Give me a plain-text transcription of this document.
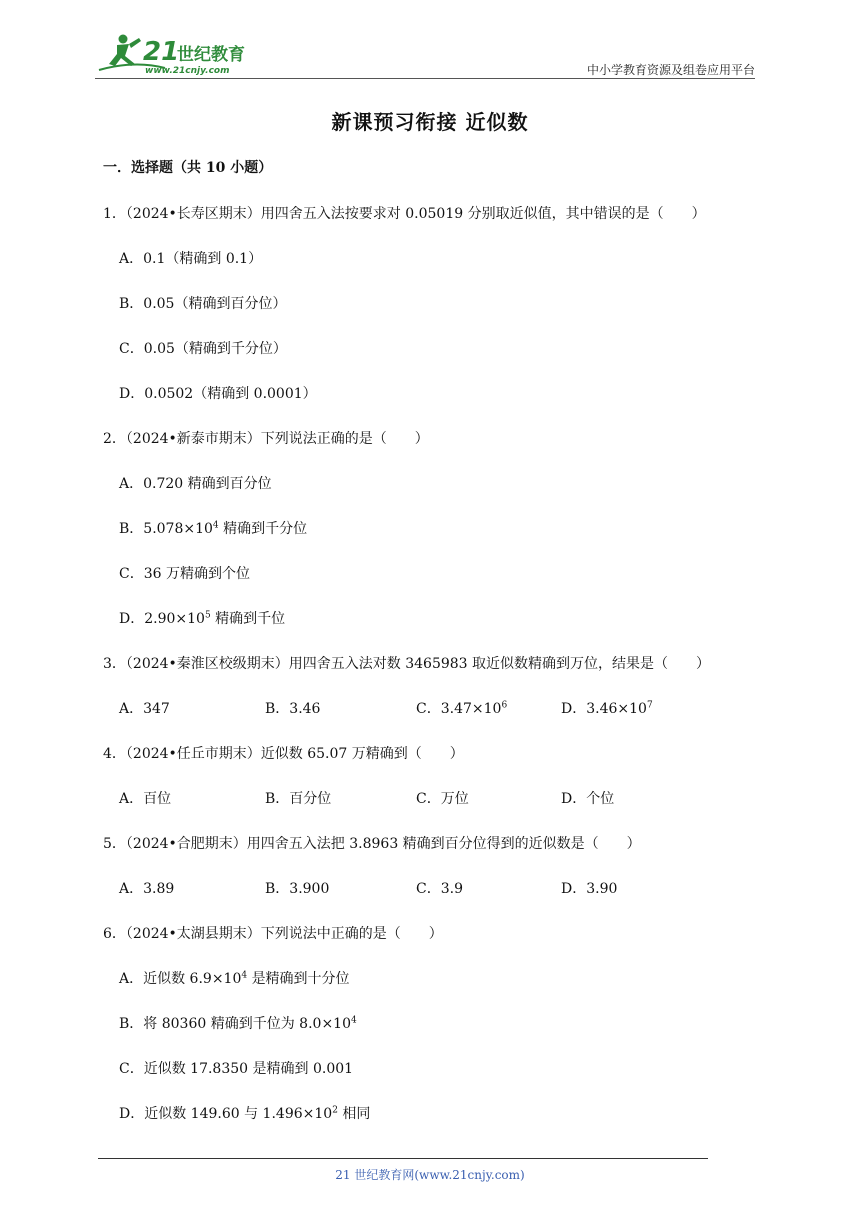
21
世纪教育
www.21cnjy.com	中小学教育资源及组卷应用平台
新课预习衔接 近似数
一．选择题（共 10 小题）
1．（2024•长寿区期末）用四舍五入法按要求对 0.05019 分别取近似值，其中错误的是（　　）
A．0.1（精确到 0.1）
B．0.05（精确到百分位）
C．0.05（精确到千分位）
D．0.0502（精确到 0.0001）
2．（2024•新泰市期末）下列说法正确的是（　　）
A．0.720 精确到百分位
B．$5.078\times 10^4$ 精确到千分位
C．36 万精确到个位
D．$2.90\times 10^5$ 精确到千位
3．（2024•秦淮区校级期末）用四舍五入法对数 3465983 取近似数精确到万位，结果是（　　）
A．347	B．3.46	C．$3.47\times 10^6$	D．$3.46\times 10^7$
4．（2024•任丘市期末）近似数 65.07 万精确到（　　）
A．百位	B．百分位	C．万位	D．个位
5．（2024•合肥期末）用四舍五入法把 3.8963 精确到百分位得到的近似数是（　　）
A．3.89	B．3.900	C．3.9	D．3.90
6．（2024•太湖县期末）下列说法中正确的是（　　）
A．近似数 $6.9\times 10^4$ 是精确到十分位
B．将 80360 精确到千位为 $8.0\times 10^4$
C．近似数 17.8350 是精确到 0.001
D．近似数 149.60 与 $1.496\times 10^2$ 相同
21 世纪教育网(www.21cnjy.com)
